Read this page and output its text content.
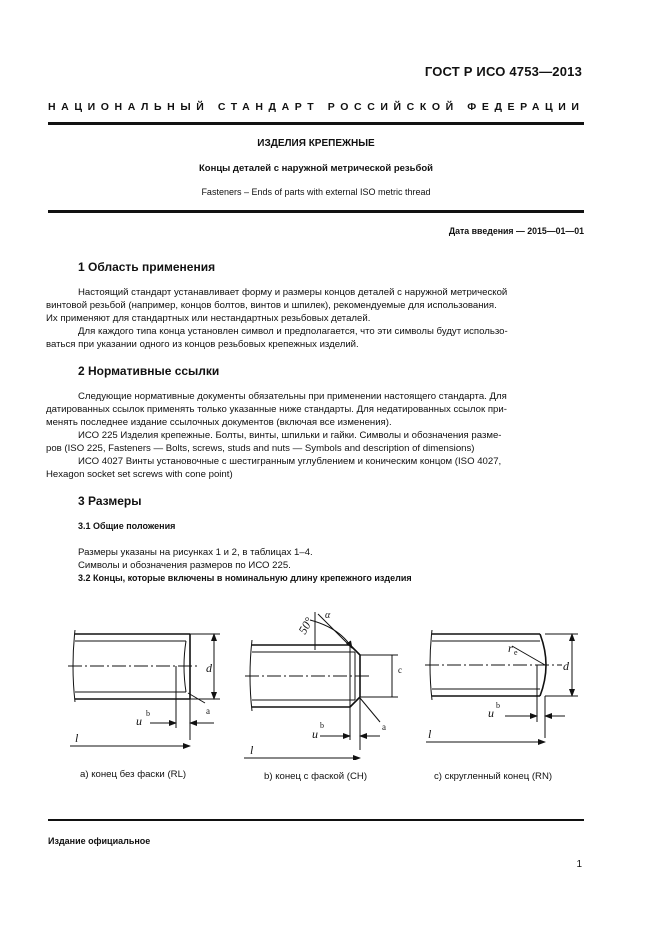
ГОСТ Р ИСО 4753—2013
НАЦИОНАЛЬНЫЙ СТАНДАРТ РОССИЙСКОЙ ФЕДЕРАЦИИ
ИЗДЕЛИЯ КРЕПЕЖНЫЕ
Концы деталей с наружной метрической резьбой
Fasteners – Ends of parts with external ISO metric thread
Дата введения — 2015—01—01
1 Область применения

Настоящий стандарт устанавливает форму и размеры концов деталей с наружной метрической

винтовой резьбой (например, концов болтов, винтов и шпилек), рекомендуемые для использования.

Их применяют для стандартных или нестандартных резьбовых деталей.

Для каждого типа конца установлен символ и предполагается, что эти символы будут использо-

ваться при указании одного из концов резьбовых крепежных изделий.

2 Нормативные ссылки

Следующие нормативные документы обязательны при применении настоящего стандарта. Для

датированных ссылок применять только указанные ниже стандарты. Для недатированных ссылок при-

менять последнее издание ссылочных документов (включая все изменения).

ИСО 225 Изделия крепежные. Болты, винты, шпильки и гайки. Символы и обозначения разме-

ров (ISO 225, Fasteners — Bolts, screws, studs and nuts — Symbols and description of dimensions)

ИСО 4027 Винты установочные с шестигранным углублением и коническим концом (ISO 4027,

Hexagon socket set screws with cone point)

3 Размеры
3.1 Общие положения

Размеры указаны на рисунках 1 и 2, в таблицах 1–4.

Символы и обозначения размеров по ИСО 225.

3.2 Концы, которые включены в номинальную длину крепежного изделия
d
u
b
l
a
c
u
b
l
a
50° α
r e
d
u
b
l
а) конец без фаски (RL)	b) конец с фаской (CH)	с) скругленный конец (RN)
Издание официальное
1
